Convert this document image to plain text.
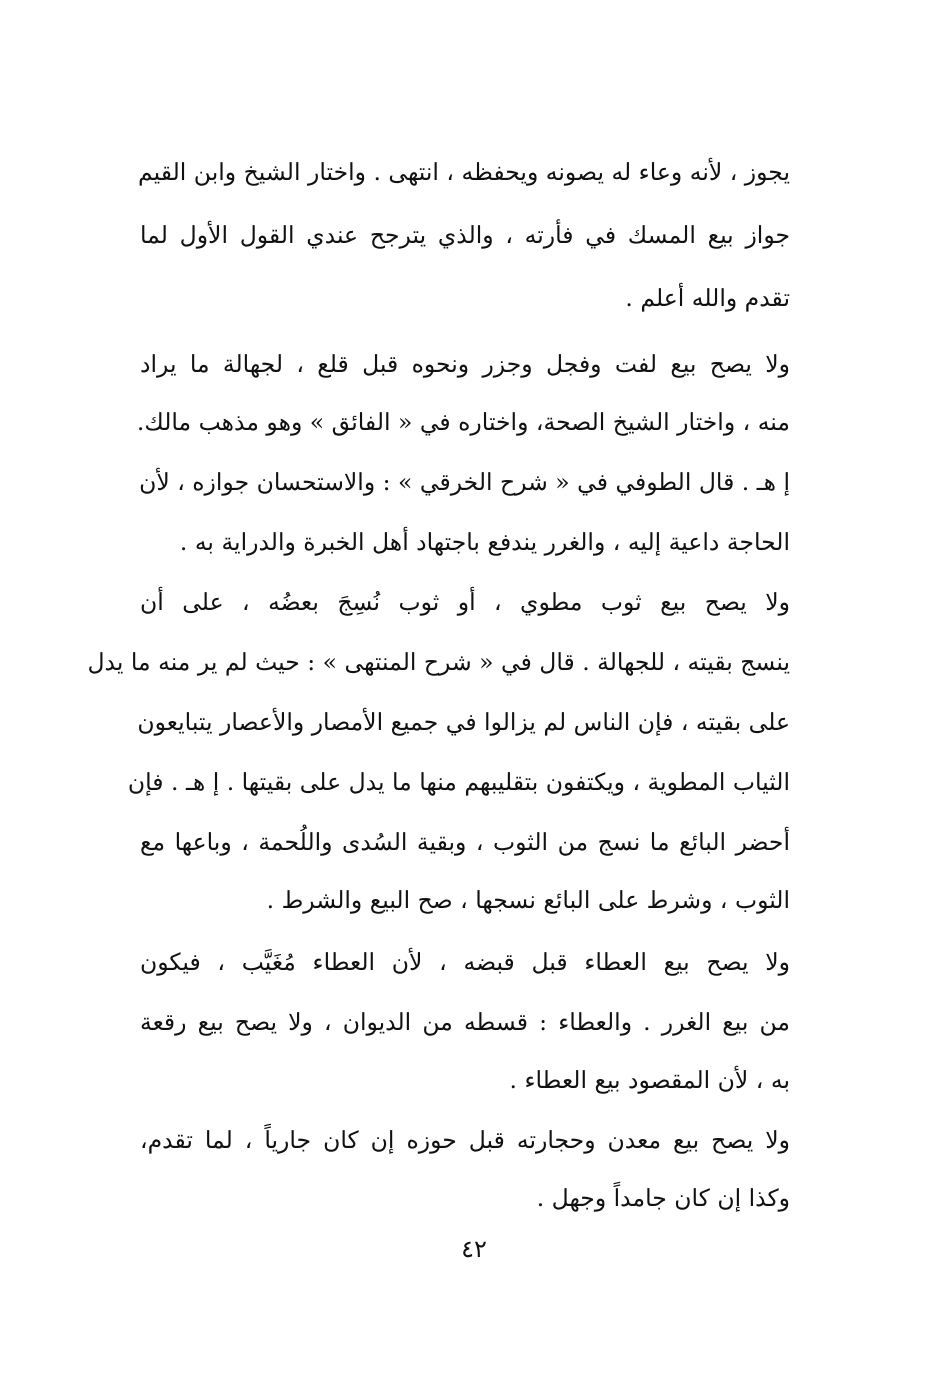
يجوز ، لأنه وعاء له يصونه ويحفظه ، انتهى . واختار الشيخ وابن القيم
جواز بيع المسك في فأرته ، والذي يترجح عندي القول الأول لما
تقدم والله أعلم .
ولا يصح بيع لفت وفجل وجزر ونحوه قبل قلع ، لجهالة ما يراد
منه ، واختار الشيخ الصحة، واختاره في « الفائق » وهو مذهب مالك.
إ هـ . قال الطوفي في « شرح الخرقي » : والاستحسان جوازه ، لأن
الحاجة داعية إليه ، والغرر يندفع باجتهاد أهل الخبرة والدراية به .
ولا يصح بيع ثوب مطوي ، أو ثوب نُسِجَ بعضُه ، على أن
ينسج بقيته ، للجهالة . قال في « شرح المنتهى » : حيث لم ير منه ما يدل
على بقيته ، فإن الناس لم يزالوا في جميع الأمصار والأعصار يتبايعون
الثياب المطوية ، ويكتفون بتقليبهم منها ما يدل على بقيتها . إ هـ . فإن
أحضر البائع ما نسج من الثوب ، وبقية السُدى واللُحمة ، وباعها مع
الثوب ، وشرط على البائع نسجها ، صح البيع والشرط .
ولا يصح بيع العطاء قبل قبضه ، لأن العطاء مُغَيَّب ، فيكون
من بيع الغرر . والعطاء : قسطه من الديوان ، ولا يصح بيع رقعة
به ، لأن المقصود بيع العطاء .
ولا يصح بيع معدن وحجارته قبل حوزه إن كان جارياً ، لما تقدم،
وكذا إن كان جامداً وجهل .
٤٢
